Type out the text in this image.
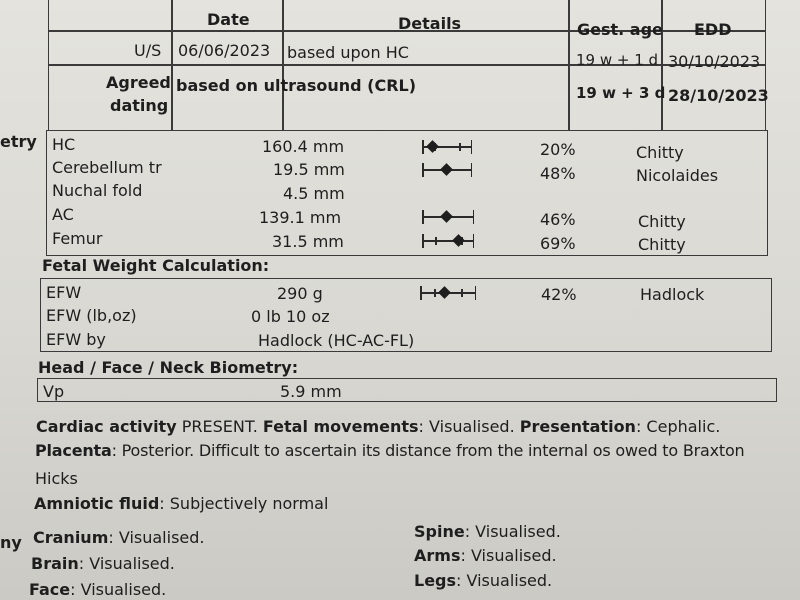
Date	Details	Gest. age EDD
U/S 06/06/2023 based upon HC	19 w + 1 d 30/10/2023
Agreed
dating
based on ultrasound (CRL)	19 w + 3 d 28/10/2023
etry HC	160.4 mm	20%	Chitty
Cerebellum tr	19.5 mm	48%	Nicolaides
Nuchal fold	4.5 mm
AC	139.1 mm	46%	Chitty
Femur	31.5 mm	69%	Chitty
Fetal Weight Calculation:
EFW	290 g	42%	Hadlock
EFW (lb,oz)	0 lb 10 oz
EFW by	Hadlock (HC-AC-FL)
Head / Face / Neck Biometry:
Vp	5.9 mm
Cardiac activity PRESENT. Fetal movements: Visualised. Presentation: Cephalic.
Placenta: Posterior. Difficult to ascertain its distance from the internal os owed to Braxton
Hicks
Amniotic fluid: Subjectively normal
ny Cranium: Visualised.
Brain: Visualised.
Face: Visualised.
Spine: Visualised.
Arms: Visualised.
Legs: Visualised.
